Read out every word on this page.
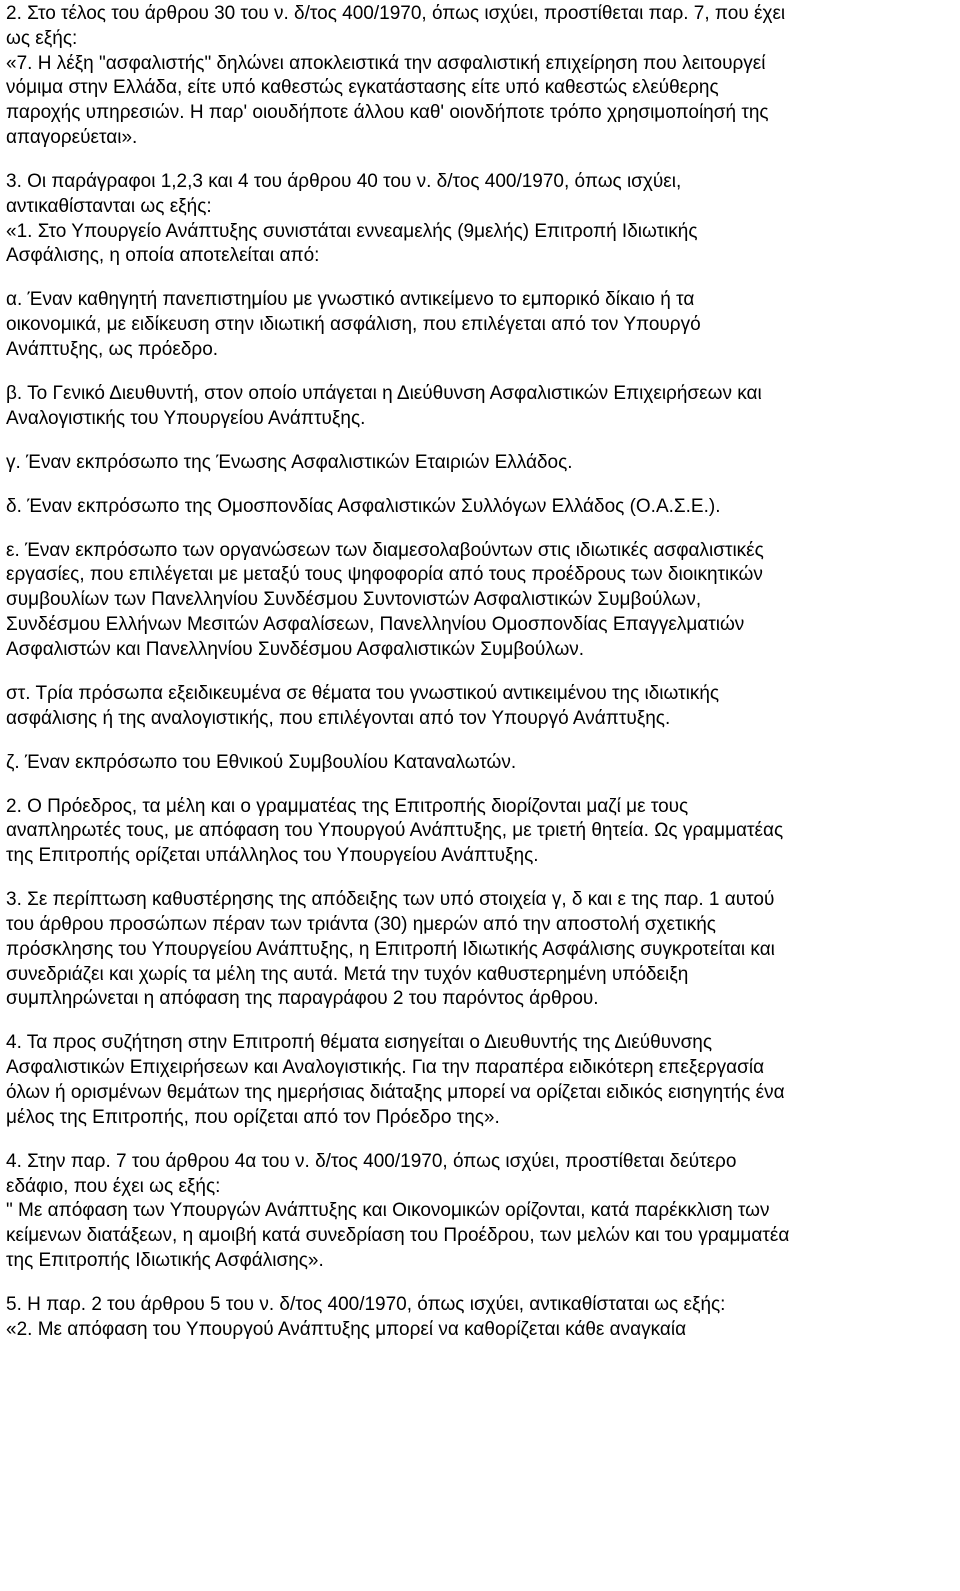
2. Στο τέλος του άρθρου 30 του ν. δ/τος 400/1970, όπως ισχύει, προστίθεται παρ. 7, που έχει
ως εξής:
«7. Η λέξη "ασφαλιστής" δηλώνει αποκλειστικά την ασφαλιστική επιχείρηση που λειτουργεί
νόμιμα στην Ελλάδα, είτε υπό καθεστώς εγκατάστασης είτε υπό καθεστώς ελεύθερης
παροχής υπηρεσιών. Η παρ' οιουδήποτε άλλου καθ' οιονδήποτε τρόπο χρησιμοποίησή της
απαγορεύεται».
3. Οι παράγραφοι 1,2,3 και 4 του άρθρου 40 του ν. δ/τος 400/1970, όπως ισχύει,
αντικαθίστανται ως εξής:
«1. Στο Υπουργείο Ανάπτυξης συνιστάται εννεαμελής (9μελής) Επιτροπή Ιδιωτικής
Ασφάλισης, η οποία αποτελείται από:
α. Έναν καθηγητή πανεπιστημίου με γνωστικό αντικείμενο το εμπορικό δίκαιο ή τα
οικονομικά, με ειδίκευση στην ιδιωτική ασφάλιση, που επιλέγεται από τον Υπουργό
Ανάπτυξης, ως πρόεδρο.
β. Το Γενικό Διευθυντή, στον οποίο υπάγεται η Διεύθυνση Ασφαλιστικών Επιχειρήσεων και
Αναλογιστικής του Υπουργείου Ανάπτυξης.
γ. Έναν εκπρόσωπο της Ένωσης Ασφαλιστικών Εταιριών Ελλάδος.
δ. Έναν εκπρόσωπο της Ομοσπονδίας Ασφαλιστικών Συλλόγων Ελλάδος (Ο.Α.Σ.Ε.).
ε. Έναν εκπρόσωπο των οργανώσεων των διαμεσολαβούντων στις ιδιωτικές ασφαλιστικές
εργασίες, που επιλέγεται με μεταξύ τους ψηφοφορία από τους προέδρους των διοικητικών
συμβουλίων των Πανελληνίου Συνδέσμου Συντονιστών Ασφαλιστικών Συμβούλων,
Συνδέσμου Ελλήνων Μεσιτών Ασφαλίσεων, Πανελληνίου Ομοσπονδίας Επαγγελματιών
Ασφαλιστών και Πανελληνίου Συνδέσμου Ασφαλιστικών Συμβούλων.
στ. Τρία πρόσωπα εξειδικευμένα σε θέματα του γνωστικού αντικειμένου της ιδιωτικής
ασφάλισης ή της αναλογιστικής, που επιλέγονται από τον Υπουργό Ανάπτυξης.
ζ. Έναν εκπρόσωπο του Εθνικού Συμβουλίου Καταναλωτών.
2. Ο Πρόεδρος, τα μέλη και ο γραμματέας της Επιτροπής διορίζονται μαζί με τους
αναπληρωτές τους, με απόφαση του Υπουργού Ανάπτυξης, με τριετή θητεία. Ως γραμματέας
της Επιτροπής ορίζεται υπάλληλος του Υπουργείου Ανάπτυξης.
3. Σε περίπτωση καθυστέρησης της απόδειξης των υπό στοιχεία γ, δ και ε της παρ. 1 αυτού
του άρθρου προσώπων πέραν των τριάντα (30) ημερών από την αποστολή σχετικής
πρόσκλησης του Υπουργείου Ανάπτυξης, η Επιτροπή Ιδιωτικής Ασφάλισης συγκροτείται και
συνεδριάζει και χωρίς τα μέλη της αυτά. Μετά την τυχόν καθυστερημένη υπόδειξη
συμπληρώνεται η απόφαση της παραγράφου 2 του παρόντος άρθρου.
4. Τα προς συζήτηση στην Επιτροπή θέματα εισηγείται ο Διευθυντής της Διεύθυνσης
Ασφαλιστικών Επιχειρήσεων και Αναλογιστικής. Για την παραπέρα ειδικότερη επεξεργασία
όλων ή ορισμένων θεμάτων της ημερήσιας διάταξης μπορεί να ορίζεται ειδικός εισηγητής ένα
μέλος της Επιτροπής, που ορίζεται από τον Πρόεδρο της».
4. Στην παρ. 7 του άρθρου 4α του ν. δ/τος 400/1970, όπως ισχύει, προστίθεται δεύτερο
εδάφιο, που έχει ως εξής:
" Με απόφαση των Υπουργών Ανάπτυξης και Οικονομικών ορίζονται, κατά παρέκκλιση των
κείμενων διατάξεων, η αμοιβή κατά συνεδρίαση του Προέδρου, των μελών και του γραμματέα
της Επιτροπής Ιδιωτικής Ασφάλισης».
5. Η παρ. 2 του άρθρου 5 του ν. δ/τος 400/1970, όπως ισχύει, αντικαθίσταται ως εξής:
«2. Με απόφαση του Υπουργού Ανάπτυξης μπορεί να καθορίζεται κάθε αναγκαία
